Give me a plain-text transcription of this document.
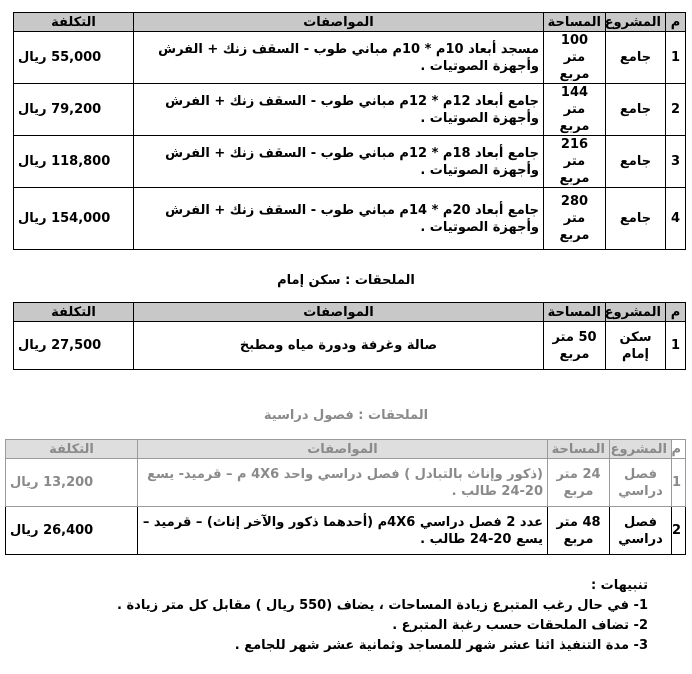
م	المشروع	المساحة	المواصفات	التكلفة
1	جامع	100 متر مربع	مسجد أبعاد 10م * 10م مباني طوب - السقف زنك + الفرش وأجهزة الصوتيات .	55,000 ريال
2	جامع	144 متر مربع	جامع أبعاد 12م * 12م مباني طوب - السقف زنك + الفرش وأجهزة الصوتيات .	79,200 ريال
3	جامع	216 متر مربع	جامع أبعاد 18م * 12م مباني طوب - السقف زنك + الفرش وأجهزة الصوتيات .	118,800 ريال
4	جامع	280 متر مربع	جامع أبعاد 20م * 14م مباني طوب - السقف زنك + الفرش وأجهزة الصوتيات .	154,000 ريال
الملحقات : سكن إمام
م	المشروع	المساحة	المواصفات	التكلفة
1	سكن إمام	50 متر مربع	صالة وغرفة ودورة مياه ومطبخ	27,500 ريال
الملحقات : فصول دراسية
م	المشروع	المساحة	المواصفات	التكلفة
1	فصل دراسي	24 متر مربع	(ذكور وإناث بالتبادل ) فصل دراسي واحد 4X6 م – قرميد- يسع 20-24 طالب .	13,200 ريال
2	فصل دراسي	48 متر مربع	عدد 2 فصل دراسي 4X6م (أحدهما ذكور والآخر إناث) – قرميد – يسع 20-24 طالب .	26,400 ريال
تنبيهات :
1- في حال رغب المتبرع زيادة المساحات ، يضاف (550 ريال ) مقابل كل متر زيادة .
2- تضاف الملحقات حسب رغبة المتبرع .
3- مدة التنفيذ اثنا عشر شهر للمساجد وثمانية عشر شهر للجامع .
